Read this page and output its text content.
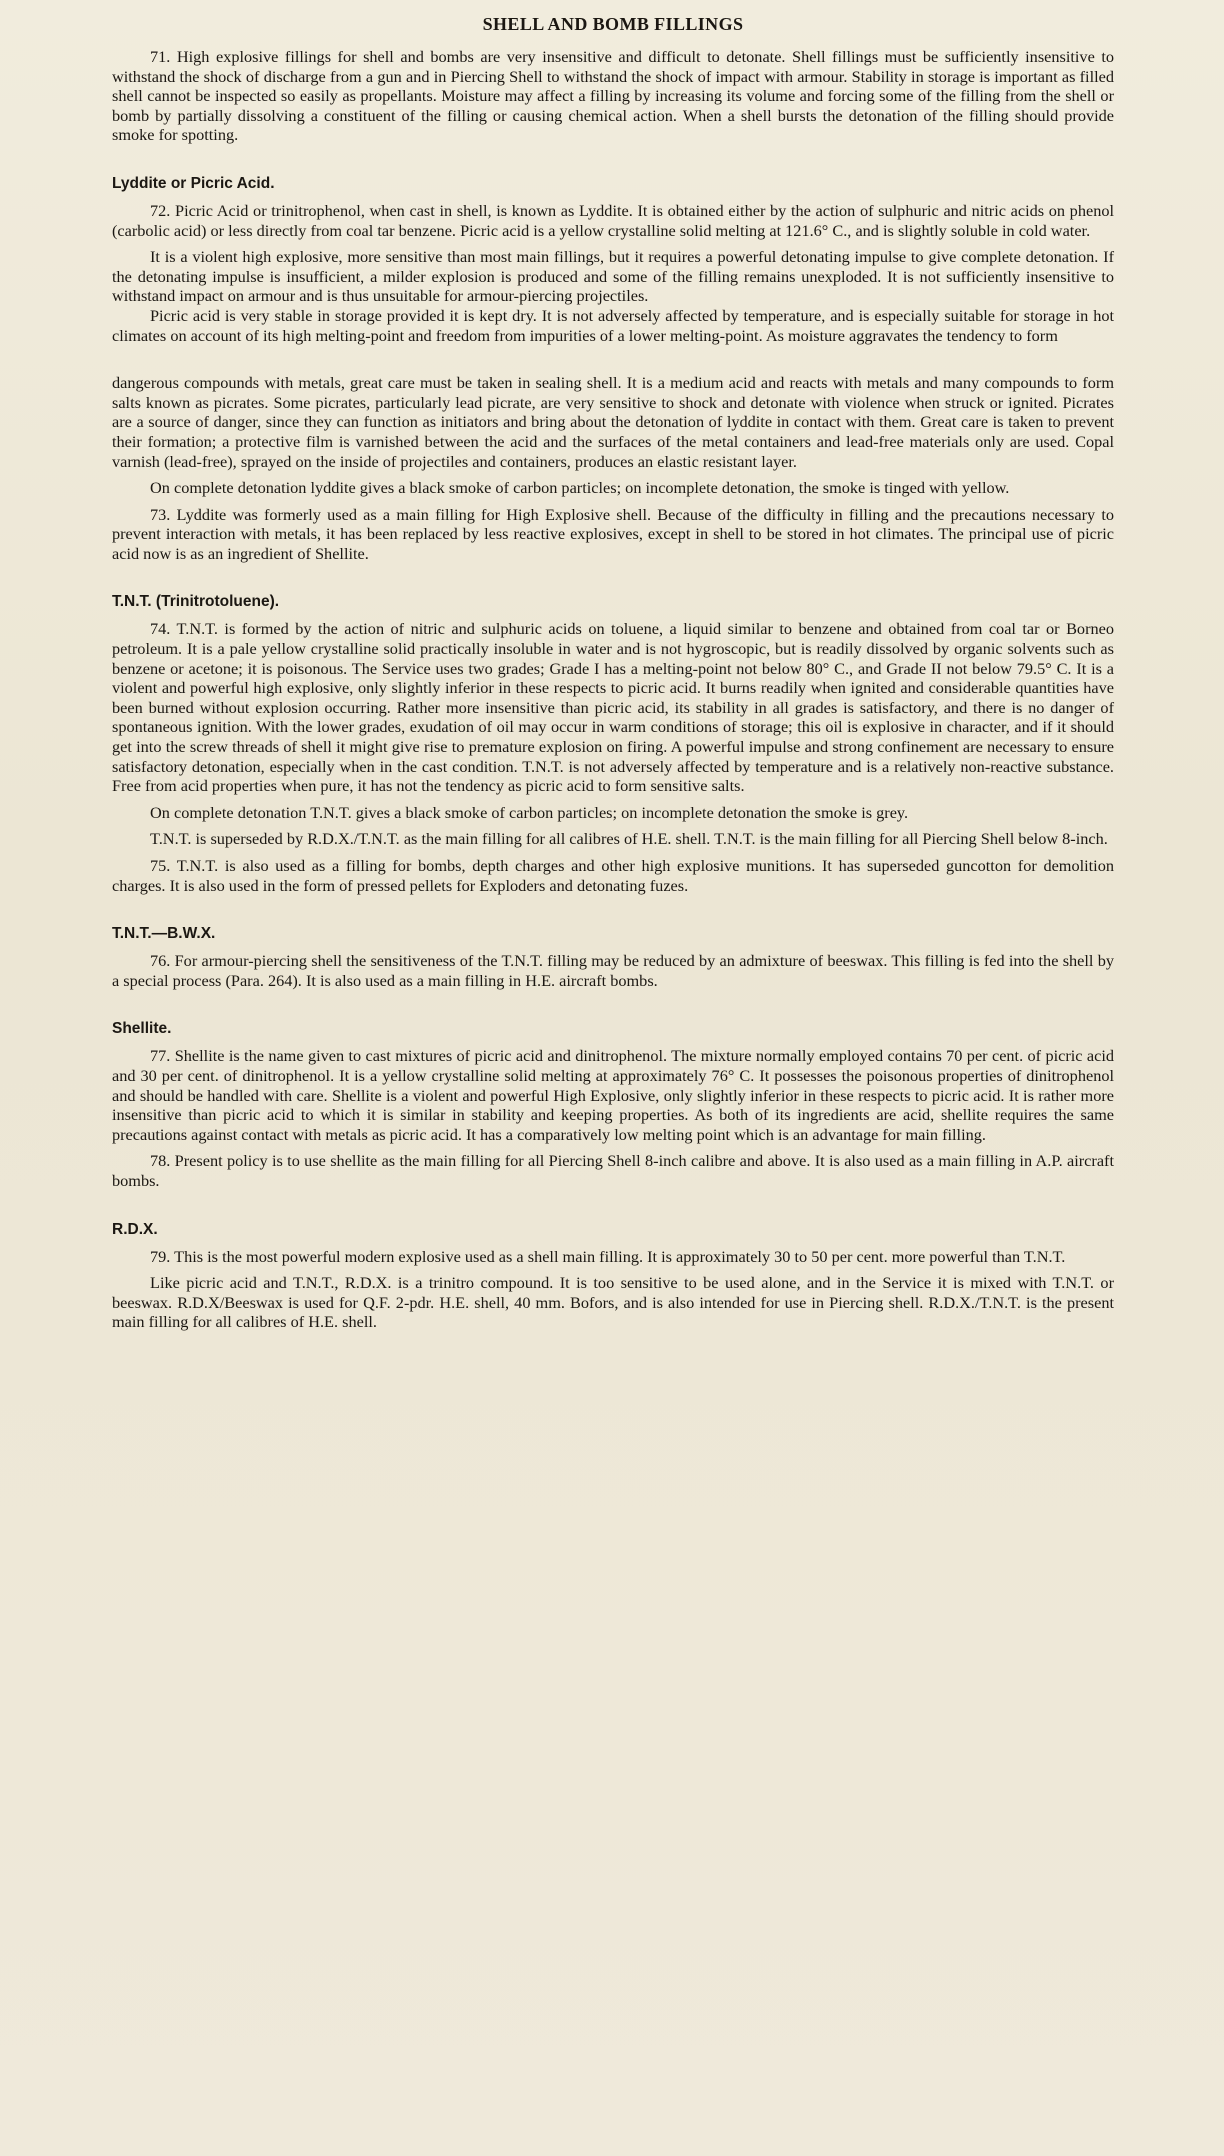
SHELL AND BOMB FILLINGS

71. High explosive fillings for shell and bombs are very insensitive and difficult to detonate. Shell fillings must be sufficiently insensitive to withstand the shock of discharge from a gun and in Piercing Shell to withstand the shock of impact with armour. Stability in storage is important as filled shell cannot be inspected so easily as propellants. Moisture may affect a filling by increasing its volume and forcing some of the filling from the shell or bomb by partially dissolving a constituent of the filling or causing chemical action. When a shell bursts the detonation of the filling should provide smoke for spotting.

Lyddite or Picric Acid.

72. Picric Acid or trinitrophenol, when cast in shell, is known as Lyddite. It is obtained either by the action of sulphuric and nitric acids on phenol (carbolic acid) or less directly from coal tar benzene. Picric acid is a yellow crystalline solid melting at 121.6° C., and is slightly soluble in cold water.

It is a violent high explosive, more sensitive than most main fillings, but it requires a powerful detonating impulse to give complete detonation. If the detonating impulse is insufficient, a milder explosion is produced and some of the filling remains unexploded. It is not sufficiently insensitive to withstand impact on armour and is thus unsuitable for armour-piercing projectiles.

Picric acid is very stable in storage provided it is kept dry. It is not adversely affected by temperature, and is especially suitable for storage in hot climates on account of its high melting-point and freedom from impurities of a lower melting-point. As moisture aggravates the tendency to form

dangerous compounds with metals, great care must be taken in sealing shell. It is a medium acid and reacts with metals and many compounds to form salts known as picrates. Some picrates, particularly lead picrate, are very sensitive to shock and detonate with violence when struck or ignited. Picrates are a source of danger, since they can function as initiators and bring about the detonation of lyddite in contact with them. Great care is taken to prevent their formation; a protective film is varnished between the acid and the surfaces of the metal containers and lead-free materials only are used. Copal varnish (lead-free), sprayed on the inside of projectiles and containers, produces an elastic resistant layer.

On complete detonation lyddite gives a black smoke of carbon particles; on incomplete detonation, the smoke is tinged with yellow.

73. Lyddite was formerly used as a main filling for High Explosive shell. Because of the difficulty in filling and the precautions necessary to prevent interaction with metals, it has been replaced by less reactive explosives, except in shell to be stored in hot climates. The principal use of picric acid now is as an ingredient of Shellite.

T.N.T. (Trinitrotoluene).

74. T.N.T. is formed by the action of nitric and sulphuric acids on toluene, a liquid similar to benzene and obtained from coal tar or Borneo petroleum. It is a pale yellow crystalline solid practically insoluble in water and is not hygroscopic, but is readily dissolved by organic solvents such as benzene or acetone; it is poisonous. The Service uses two grades; Grade I has a melting-point not below 80° C., and Grade II not below 79.5° C. It is a violent and powerful high explosive, only slightly inferior in these respects to picric acid. It burns readily when ignited and considerable quantities have been burned without explosion occurring. Rather more insensitive than picric acid, its stability in all grades is satisfactory, and there is no danger of spontaneous ignition. With the lower grades, exudation of oil may occur in warm conditions of storage; this oil is explosive in character, and if it should get into the screw threads of shell it might give rise to premature explosion on firing. A powerful impulse and strong confinement are necessary to ensure satisfactory detonation, especially when in the cast condition. T.N.T. is not adversely affected by temperature and is a relatively non-reactive substance. Free from acid properties when pure, it has not the tendency as picric acid to form sensitive salts.

On complete detonation T.N.T. gives a black smoke of carbon particles; on incomplete detonation the smoke is grey.

T.N.T. is superseded by R.D.X./T.N.T. as the main filling for all calibres of H.E. shell. T.N.T. is the main filling for all Piercing Shell below 8-inch.

75. T.N.T. is also used as a filling for bombs, depth charges and other high explosive munitions. It has superseded guncotton for demolition charges. It is also used in the form of pressed pellets for Exploders and detonating fuzes.

T.N.T.—B.W.X.

76. For armour-piercing shell the sensitiveness of the T.N.T. filling may be reduced by an admixture of beeswax. This filling is fed into the shell by a special process (Para. 264). It is also used as a main filling in H.E. aircraft bombs.

Shellite.

77. Shellite is the name given to cast mixtures of picric acid and dinitrophenol. The mixture normally employed contains 70 per cent. of picric acid and 30 per cent. of dinitrophenol. It is a yellow crystalline solid melting at approximately 76° C. It possesses the poisonous properties of dinitrophenol and should be handled with care. Shellite is a violent and powerful High Explosive, only slightly inferior in these respects to picric acid. It is rather more insensitive than picric acid to which it is similar in stability and keeping properties. As both of its ingredients are acid, shellite requires the same precautions against contact with metals as picric acid. It has a comparatively low melting point which is an advantage for main filling.

78. Present policy is to use shellite as the main filling for all Piercing Shell 8-inch calibre and above. It is also used as a main filling in A.P. aircraft bombs.

R.D.X.

79. This is the most powerful modern explosive used as a shell main filling. It is approximately 30 to 50 per cent. more powerful than T.N.T.

Like picric acid and T.N.T., R.D.X. is a trinitro compound. It is too sensitive to be used alone, and in the Service it is mixed with T.N.T. or beeswax. R.D.X/Beeswax is used for Q.F. 2-pdr. H.E. shell, 40 mm. Bofors, and is also intended for use in Piercing shell. R.D.X./T.N.T. is the present main filling for all calibres of H.E. shell.
